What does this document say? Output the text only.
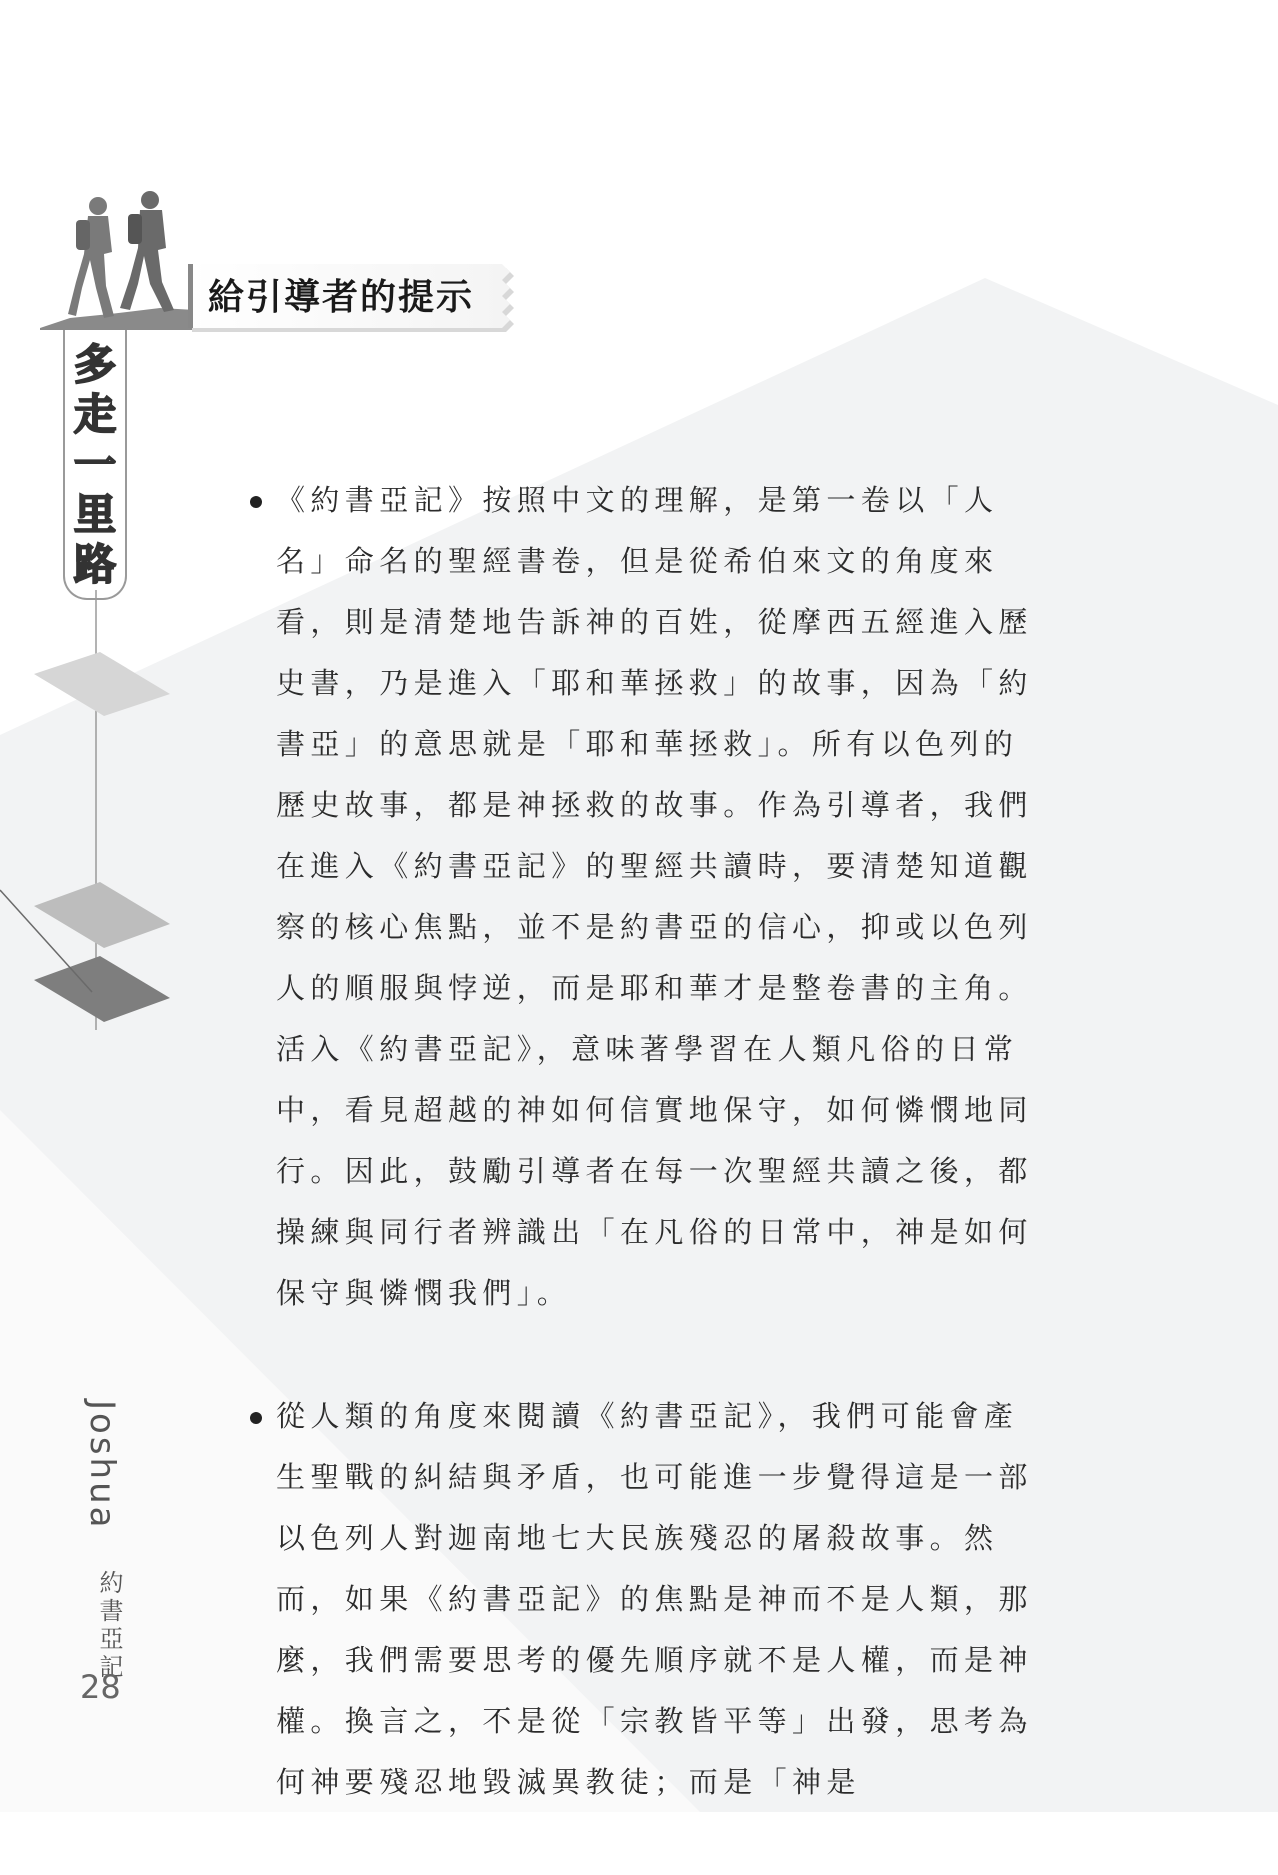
給引導者的提示
多
走
一
里
路
《約書亞記》按照中文的理解，是第一卷以「人名」命名的聖經書卷，但是從希伯來文的角度來看，則是清楚地告訴神的百姓，從摩西五經進入歷史書，乃是進入「耶和華拯救」的故事，因為「約書亞」的意思就是「耶和華拯救」。所有以色列的歷史故事，都是神拯救的故事。作為引導者，我們在進入《約書亞記》的聖經共讀時，要清楚知道觀察的核心焦點，並不是約書亞的信心，抑或以色列人的順服與悖逆，而是耶和華才是整卷書的主角。活入《約書亞記》，意味著學習在人類凡俗的日常中，看見超越的神如何信實地保守，如何憐憫地同行。因此，鼓勵引導者在每一次聖經共讀之後，都操練與同行者辨識出「在凡俗的日常中，神是如何保守與憐憫我們」。
從人類的角度來閱讀《約書亞記》，我們可能會產生聖戰的糾結與矛盾，也可能進一步覺得這是一部以色列人對迦南地七大民族殘忍的屠殺故事。然而，如果《約書亞記》的焦點是神而不是人類，那麼，我們需要思考的優先順序就不是人權，而是神權。換言之，不是從「宗教皆平等」出發，思考為何神要殘忍地毀滅異教徒；而是「神是
Joshua
約書亞記
28
